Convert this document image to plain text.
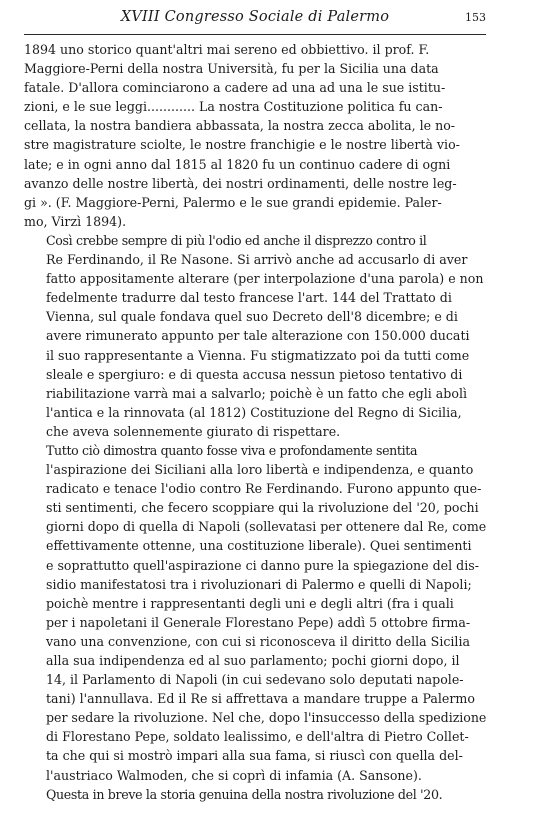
XVIII Congresso Sociale di Palermo	153

1894 uno storico quant'altri mai sereno ed obbiettivo. il prof. F.
Maggiore-Perni della nostra Università, fu per la Sicilia una data
fatale. D'allora cominciarono a cadere ad una ad una le sue istitu-
zioni, e le sue leggi............ La nostra Costituzione politica fu can-
cellata, la nostra bandiera abbassata, la nostra zecca abolita, le no-
stre magistrature sciolte, le nostre franchigie e le nostre libertà vio-
late; e in ogni anno dal 1815 al 1820 fu un continuo cadere di ogni
avanzo delle nostre libertà, dei nostri ordinamenti, delle nostre leg-
gi ». (F. Maggiore-Perni, Palermo e le sue grandi epidemie. Paler-
mo, Virzì 1894).

Così crebbe sempre di più l'odio ed anche il disprezzo contro il
Re Ferdinando, il Re Nasone. Si arrivò anche ad accusarlo di aver
fatto appositamente alterare (per interpolazione d'una parola) e non
fedelmente tradurre dal testo francese l'art. 144 del Trattato di
Vienna, sul quale fondava quel suo Decreto dell'8 dicembre; e di
avere rimunerato appunto per tale alterazione con 150.000 ducati
il suo rappresentante a Vienna. Fu stigmatizzato poi da tutti come
sleale e spergiuro: e di questa accusa nessun pietoso tentativo di
riabilitazione varrà mai a salvarlo; poichè è un fatto che egli abolì
l'antica e la rinnovata (al 1812) Costituzione del Regno di Sicilia,
che aveva solennemente giurato di rispettare.

Tutto ciò dimostra quanto fosse viva e profondamente sentita
l'aspirazione dei Siciliani alla loro libertà e indipendenza, e quanto
radicato e tenace l'odio contro Re Ferdinando. Furono appunto que-
sti sentimenti, che fecero scoppiare qui la rivoluzione del '20, pochi
giorni dopo di quella di Napoli (sollevatasi per ottenere dal Re, come
effettivamente ottenne, una costituzione liberale). Quei sentimenti
e soprattutto quell'aspirazione ci danno pure la spiegazione del dis-
sidio manifestatosi tra i rivoluzionari di Palermo e quelli di Napoli;
poichè mentre i rappresentanti degli uni e degli altri (fra i quali
per i napoletani il Generale Florestano Pepe) addì 5 ottobre firma-
vano una convenzione, con cui si riconosceva il diritto della Sicilia
alla sua indipendenza ed al suo parlamento; pochi giorni dopo, il
14, il Parlamento di Napoli (in cui sedevano solo deputati napole-
tani) l'annullava. Ed il Re si affrettava a mandare truppe a Palermo
per sedare la rivoluzione. Nel che, dopo l'insuccesso della spedizione
di Florestano Pepe, soldato lealissimo, e dell'altra di Pietro Collet-
ta che qui si mostrò impari alla sua fama, si riuscì con quella del-
l'austriaco Walmoden, che si coprì di infamia (A. Sansone).

Questa in breve la storia genuina della nostra rivoluzione del '20.
